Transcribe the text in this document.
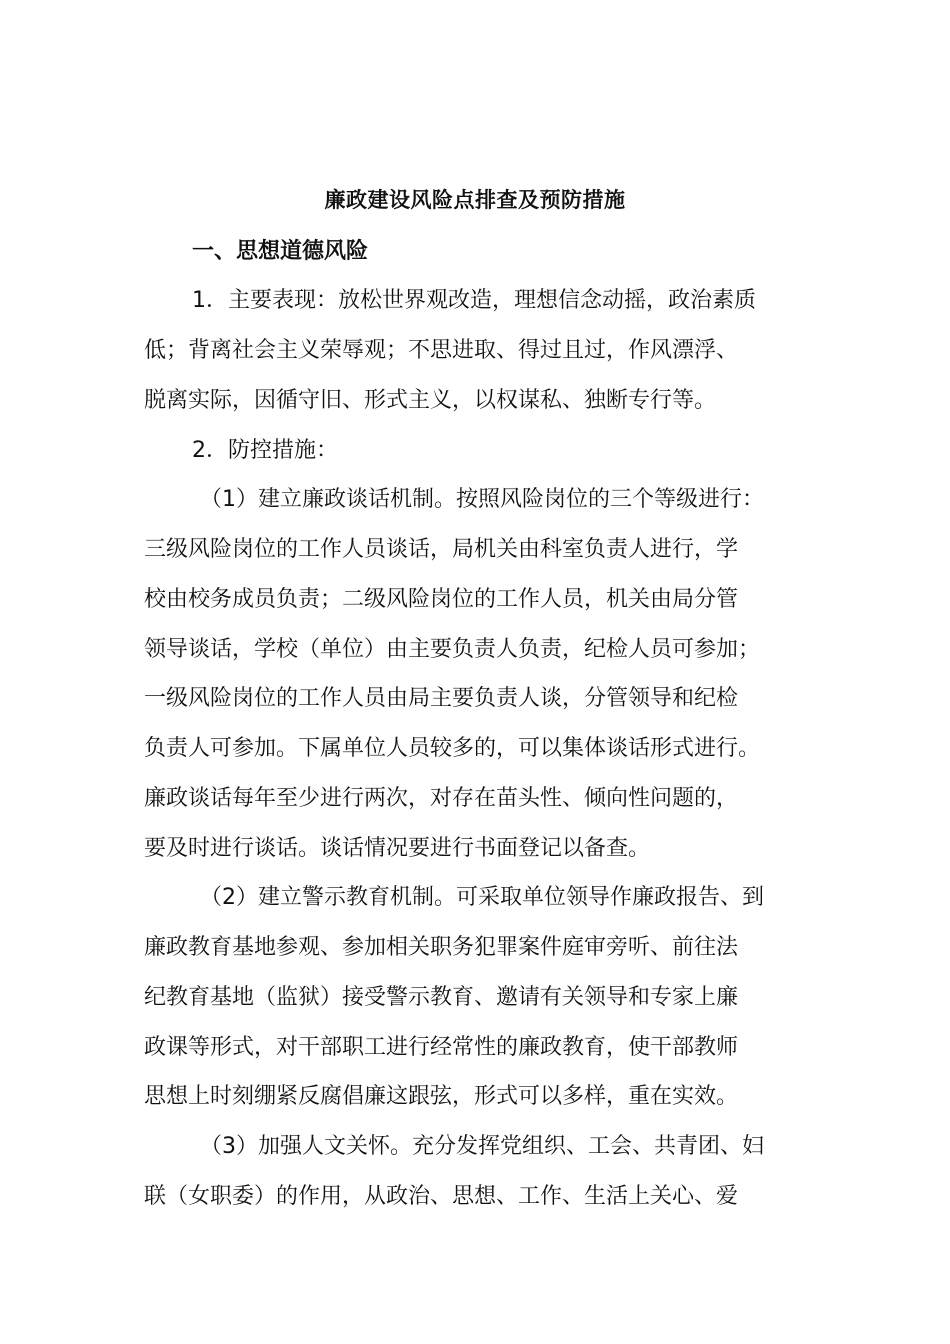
廉政建设风险点排查及预防措施
一、思想道德风险
1．主要表现：放松世界观改造，理想信念动摇，政治素质
低；背离社会主义荣辱观；不思进取、得过且过，作风漂浮、
脱离实际，因循守旧、形式主义，以权谋私、独断专行等。
2．防控措施：
（1）建立廉政谈话机制。按照风险岗位的三个等级进行：
三级风险岗位的工作人员谈话，局机关由科室负责人进行，学
校由校务成员负责；二级风险岗位的工作人员，机关由局分管
领导谈话，学校（单位）由主要负责人负责，纪检人员可参加；
一级风险岗位的工作人员由局主要负责人谈，分管领导和纪检
负责人可参加。下属单位人员较多的，可以集体谈话形式进行。
廉政谈话每年至少进行两次，对存在苗头性、倾向性问题的，
要及时进行谈话。谈话情况要进行书面登记以备查。
（2）建立警示教育机制。可采取单位领导作廉政报告、到
廉政教育基地参观、参加相关职务犯罪案件庭审旁听、前往法
纪教育基地（监狱）接受警示教育、邀请有关领导和专家上廉
政课等形式，对干部职工进行经常性的廉政教育，使干部教师
思想上时刻绷紧反腐倡廉这跟弦，形式可以多样，重在实效。
（3）加强人文关怀。充分发挥党组织、工会、共青团、妇
联（女职委）的作用，从政治、思想、工作、生活上关心、爱
